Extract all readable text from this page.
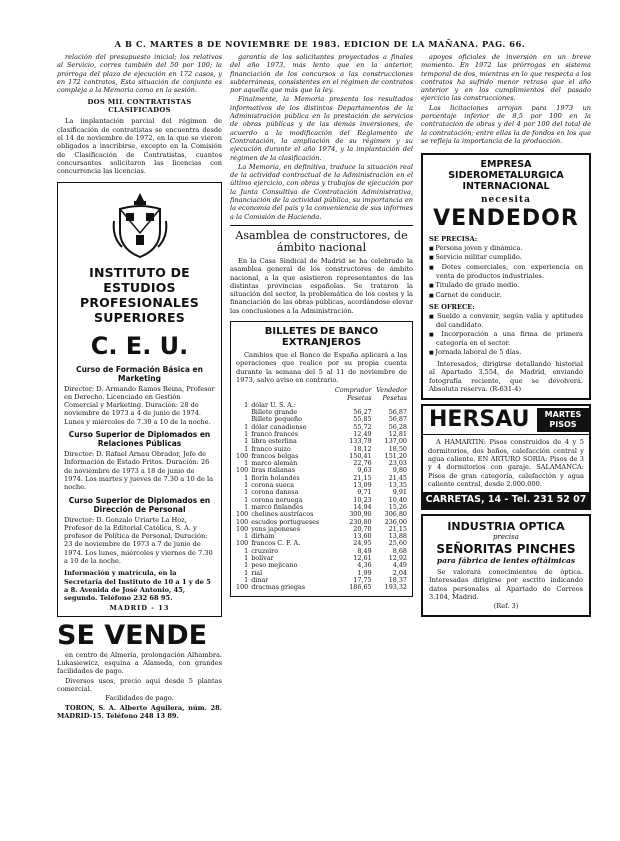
A B C. MARTES 8 DE NOVIEMBRE DE 1983. EDICION DE LA MAÑANA. PAG. 66.

relación del presupuesto inicial; los relativos al Servicio, corres también del 50 por 100; la prórroga del plazo de ejecución en 172 casos, y en 172 contratos, Esta situación de conjunto es compleja a la Memoria como en la sesión.

DOS MIL CONTRATISTAS CLASIFICADOS

La implantación parcial del régimen de clasificación de contratistas se encuentra desde el 14 de noviembre de 1972, en la que se vieron obligados a inscribirse, excepto en la Comisión de Clasificación de Contratistas, cuantos concursantes solicitaron las licencias con concurrencia las licencias.

INSTITUTO DE ESTUDIOS
PROFESIONALES SUPERIORES
C. E. U.
Curso de Formación Básica en Marketing

Director: D. Armando Ramos Reina, Profesor en Derecho. Licenciado en Gestión Comercial y Marketing. Duración: 28 de noviembre de 1973 a 4 de junio de 1974. Lunes y miércoles de 7.30 a 10 de la noche.

Curso Superior de Diplomados en Relaciones Públicas

Director: D. Rafael Arnau Obrador, Jefe de Información de Estado Fritos. Duración: 26 de noviembre de 1973 a 18 de junio de 1974. Los martes y jueves de 7.30 a 10 de la noche.

Curso Superior de Diplomados en Dirección de Personal

Director: D. Gonzalo Uriarte La Hoz, Profesor de la Editorial Católica, S. A. y profesor de Política de Personal. Duración: 23 de noviembre de 1973 a 7 de junio de 1974. Los lunes, miércoles y viernes de 7.30 a 10 de la noche.

Información y matrícula, en la Secretaría del Instituto de 10 a 1 y de 5 a 8. Avenida de José Antonio, 45, segundo. Teléfono 232 68 95.

MADRID - 13
SE VENDE

en centro de Almería, prolongación Alhambra. Lukasiewicz, esquina a Alameda, con grandes facilidades de pago.

Diversos usos, precio aquí desde 5 plantas comercial.

Facilidades de pago.

TORON, S. A. Alberto Aguilera, núm. 28. MADRID-15. Teléfono 248 13 89.

garantía de los solicitantes proyectados a finales del año 1973, más lento que en la anterior, financiación de los concursos a las construcciones subterráneas, consistentes en el régimen de contratos por aquella que más que la ley.

Finalmente, la Memoria presenta los resultados informativos de los distintos Departamentos de la Administración pública en la prestación de servicios de obras públicas y de las demás inversiones, de acuerdo a la modificación del Reglamento de Contratación, la ampliación de su régimen y su ejecución durante el año 1974, y la implantación del régimen de la clasificación.

La Memoria, en definitiva, traduce la situación real de la actividad contractual de la Administración en el último ejercicio, con obras y trabajos de ejecución por la Junta Consultiva de Contratación Administrativa, financiación de la actividad pública, su importancia en la economía del país y la conveniencia de sus informes a la Comisión de Hacienda.

Asamblea de constructores, de ámbito nacional

En la Casa Sindical de Madrid se ha celebrado la asamblea general de los constructores de ámbito nacional, a la que asistieron representantes de las distintas provincias españolas. Se trataron la situación del sector, la problemática de los costes y la financiación de las obras públicas, acordándose elevar las conclusiones a la Administración.

BILLETES DE BANCO
EXTRANJEROS

Cambios que el Banco de España aplicará a las operaciones que realice por su propia cuenta durante la semana del 5 al 11 de noviembre de 1973, salvo aviso en contrario.

		Comprador	Vendedor
		Pesetas	Pesetas
1	dólar U. S. A.:		
	Billete grande	56,27	56,87
	Billete pequeño	55,85	56,87
1	dólar canadiense	55,72	56,28
1	franco francés	12,49	12,81
1	libra esterlina	133,79	137,00
1	franco suizo	18,12	18,50
100	francos belgas	150,41	151,20
1	marco alemán	22,76	23,03
100	liras italianas	9,63	9,80
1	florín holandés	21,15	21,45
1	corona sueca	13,09	13,35
1	corona danesa	9,71	9,91
1	corona noruega	10,23	10,40
1	marco finlandés	14,94	15,26
100	chelines austríacos	300,90	306,80
100	escudos portugueses	230,80	236,00
100	yens japoneses	20,70	21,15
1	dírham	13,60	13,88
100	francos C. F. A.	24,95	25,60
1	cruzeiro	8,49	8,68
1	bolívar	12,61	12,92
1	peso mejicano	4,36	4,49
1	rial	1,99	2,04
1	dinar	17,75	18,37
100	dracmas griegas	186,65	193,32

apoyos oficiales de inversión en un breve momento. En 1972 las prórrogas en sistema temporal de dos, mientras en lo que respecta a los contratos ha sufrido menor retraso que el año anterior y en los cumplimientos del pasado ejercicio las construcciones.

Las licitaciones arrojan para 1973 un porcentaje inferior de 8,5 por 100 en la contratación de obras y del 4 por 100 del total de la contratación; entre ellas la de fondos en los que se refleja la importancia de la producción.

EMPRESA SIDEROMETALURGICA
INTERNACIONAL
necesita
VENDEDOR
SE PRECISA:
■ Persona joven y dinámica.
■ Servicio militar cumplido.
■ Dotes comerciales, con experiencia en venta de productos industriales.
■ Titulado de grado medio.
■ Carnet de conducir.
SE OFRECE:
■ Sueldo a convenir, según valía y aptitudes del candidato.
■ Incorporación a una firma de primera categoría en el sector.
■ Jornada laboral de 5 días.

Interesados, dirigirse detallando historial al Apartado 3.554, de Madrid, enviando fotografía reciente, que se devolverá. Absoluta reserva. (R-631-4)

HERSAU	MARTES
PISOS

A HAMARTIN: Pisos construidos de 4 y 5 dormitorios, dos baños, calefacción central y agua caliente. EN ARTURO SORIA: Pisos de 3 y 4 dormitorios con garaje. SALAMANCA: Pisos de gran categoría, calefacción y agua caliente central, desde 2.000.000.

CARRETAS, 14 - Tel. 231 52 07
INDUSTRIA OPTICA
precisa
SEÑORITAS PINCHES
para fábrica de lentes oftálmicas

Se valorará conocimientos de óptica. Interesadas dirigirse por escrito indicando datos personales al Apartado de Correos 3.104, Madrid.

(Ref. 3)
